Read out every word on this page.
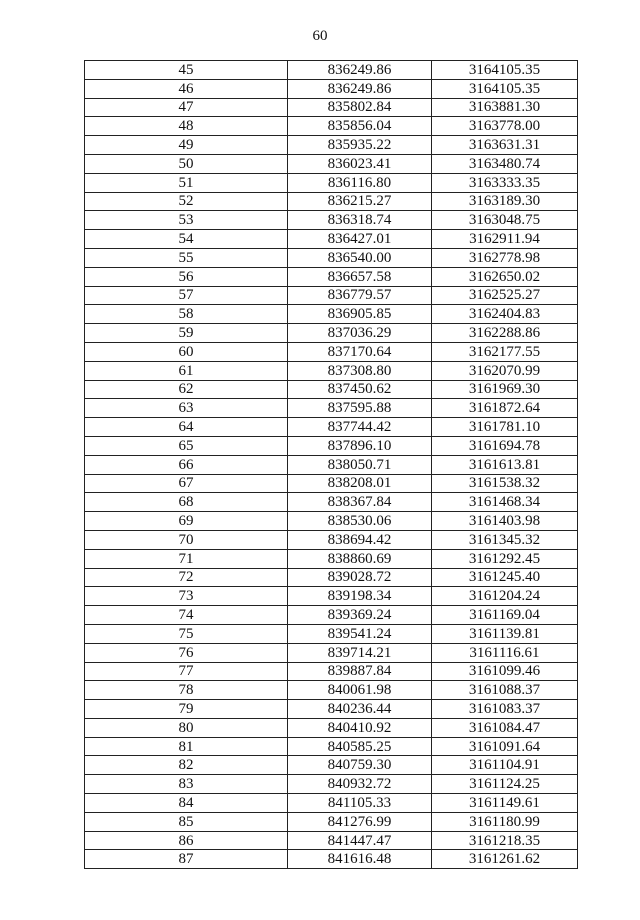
60
45	836249.86	3164105.35
46	836249.86	3164105.35
47	835802.84	3163881.30
48	835856.04	3163778.00
49	835935.22	3163631.31
50	836023.41	3163480.74
51	836116.80	3163333.35
52	836215.27	3163189.30
53	836318.74	3163048.75
54	836427.01	3162911.94
55	836540.00	3162778.98
56	836657.58	3162650.02
57	836779.57	3162525.27
58	836905.85	3162404.83
59	837036.29	3162288.86
60	837170.64	3162177.55
61	837308.80	3162070.99
62	837450.62	3161969.30
63	837595.88	3161872.64
64	837744.42	3161781.10
65	837896.10	3161694.78
66	838050.71	3161613.81
67	838208.01	3161538.32
68	838367.84	3161468.34
69	838530.06	3161403.98
70	838694.42	3161345.32
71	838860.69	3161292.45
72	839028.72	3161245.40
73	839198.34	3161204.24
74	839369.24	3161169.04
75	839541.24	3161139.81
76	839714.21	3161116.61
77	839887.84	3161099.46
78	840061.98	3161088.37
79	840236.44	3161083.37
80	840410.92	3161084.47
81	840585.25	3161091.64
82	840759.30	3161104.91
83	840932.72	3161124.25
84	841105.33	3161149.61
85	841276.99	3161180.99
86	841447.47	3161218.35
87	841616.48	3161261.62
